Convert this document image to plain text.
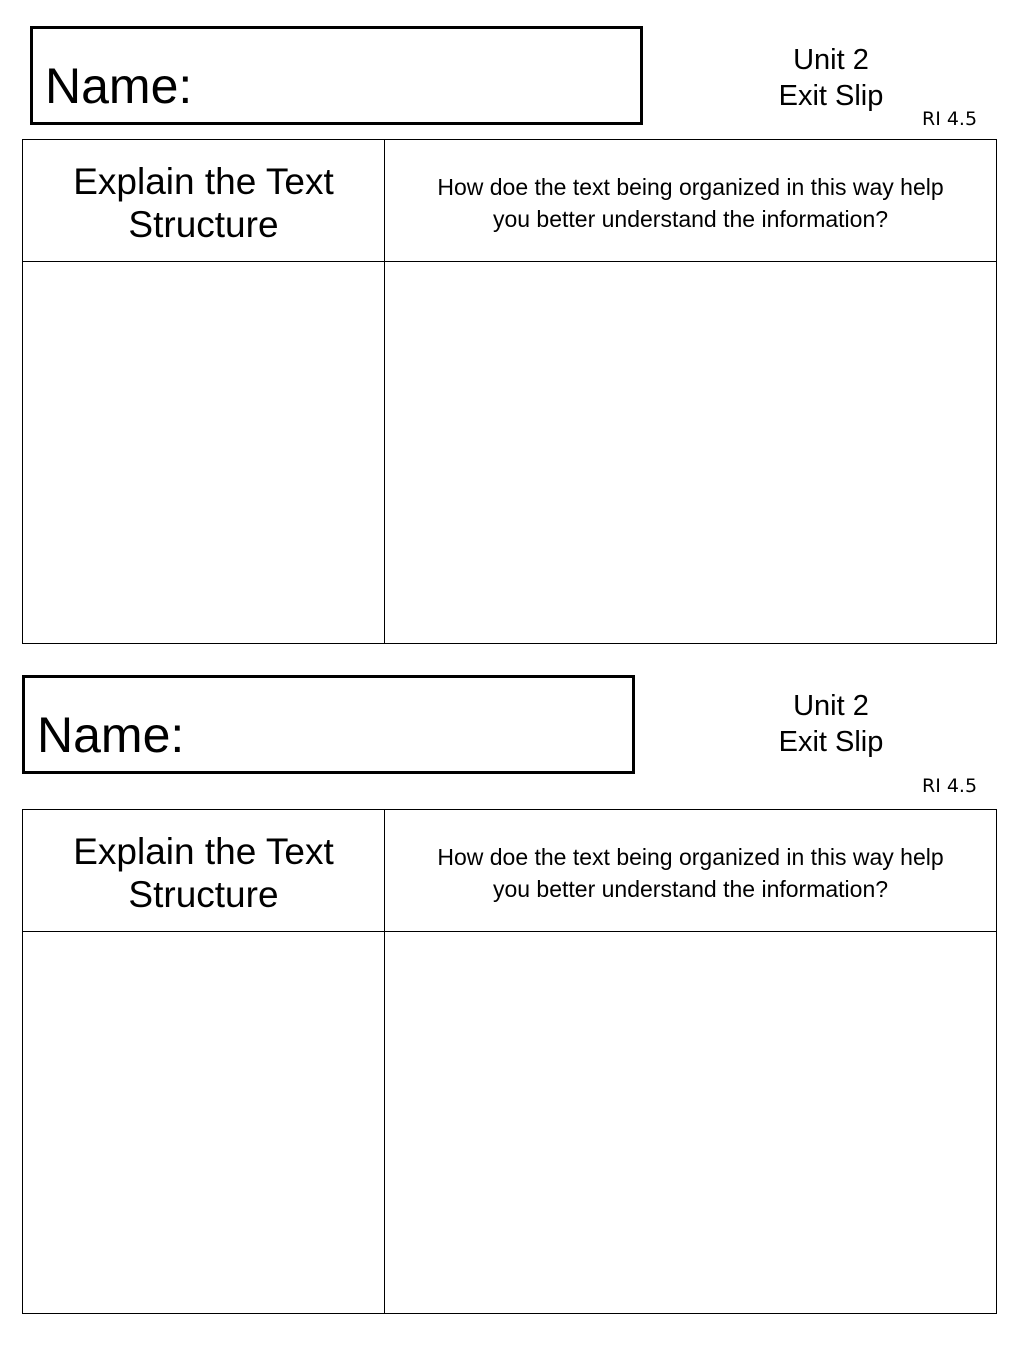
Name:	Unit 2
Exit Slip
RI 4.5
Explain the Text
Structure
How doe the text being organized in this way help
you better understand the information?
Name:
Unit 2
Exit Slip
RI 4.5
Explain the Text
Structure
How doe the text being organized in this way help
you better understand the information?
